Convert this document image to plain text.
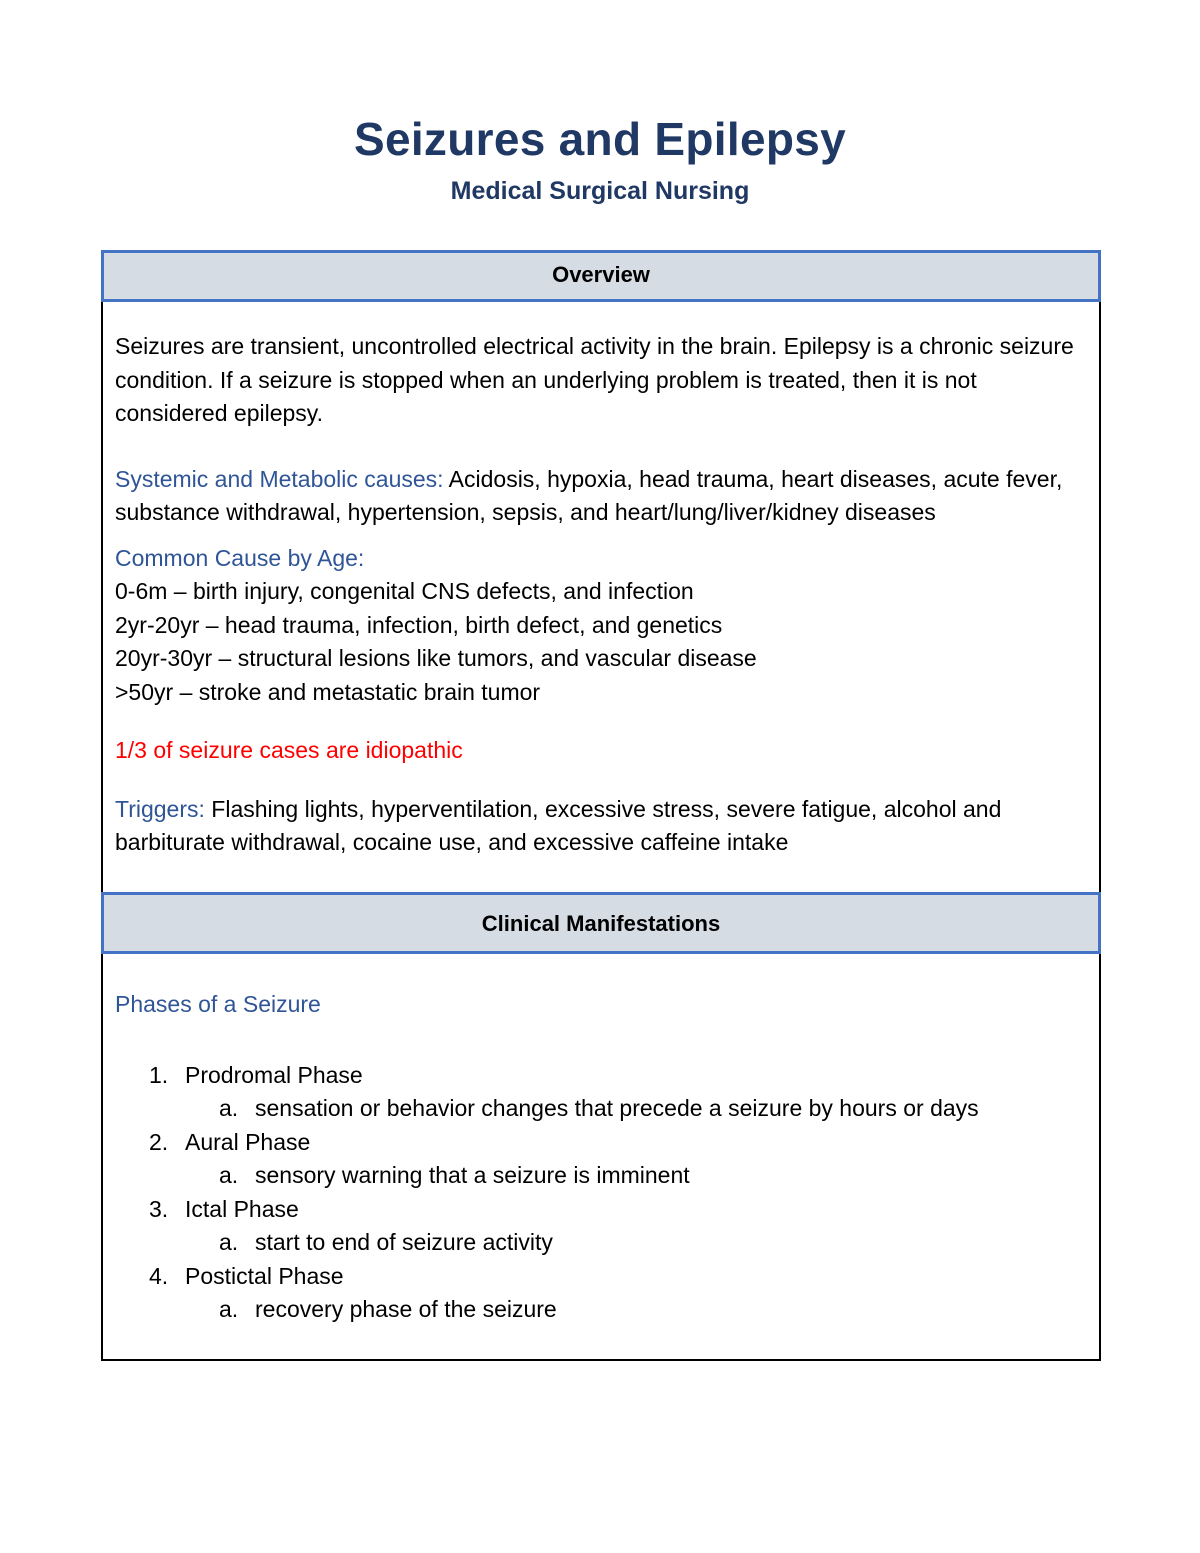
Seizures and Epilepsy
Medical Surgical Nursing
Overview

Seizures are transient, uncontrolled electrical activity in the brain. Epilepsy is a chronic seizure condition. If a seizure is stopped when an underlying problem is treated, then it is not considered epilepsy.

Systemic and Metabolic causes: Acidosis, hypoxia, head trauma, heart diseases, acute fever, substance withdrawal, hypertension, sepsis, and heart/lung/liver/kidney diseases

Common Cause by Age:

0-6m – birth injury, congenital CNS defects, and infection

2yr-20yr – head trauma, infection, birth defect, and genetics

20yr-30yr – structural lesions like tumors, and vascular disease

>50yr – stroke and metastatic brain tumor

1/3 of seizure cases are idiopathic

Triggers: Flashing lights, hyperventilation, excessive stress, severe fatigue, alcohol and barbiturate withdrawal, cocaine use, and excessive caffeine intake

Clinical Manifestations

Phases of a Seizure

1. Prodromal Phase
a. sensation or behavior changes that precede a seizure by hours or days
2. Aural Phase
a. sensory warning that a seizure is imminent
3. Ictal Phase
a. start to end of seizure activity
4. Postictal Phase
a. recovery phase of the seizure
